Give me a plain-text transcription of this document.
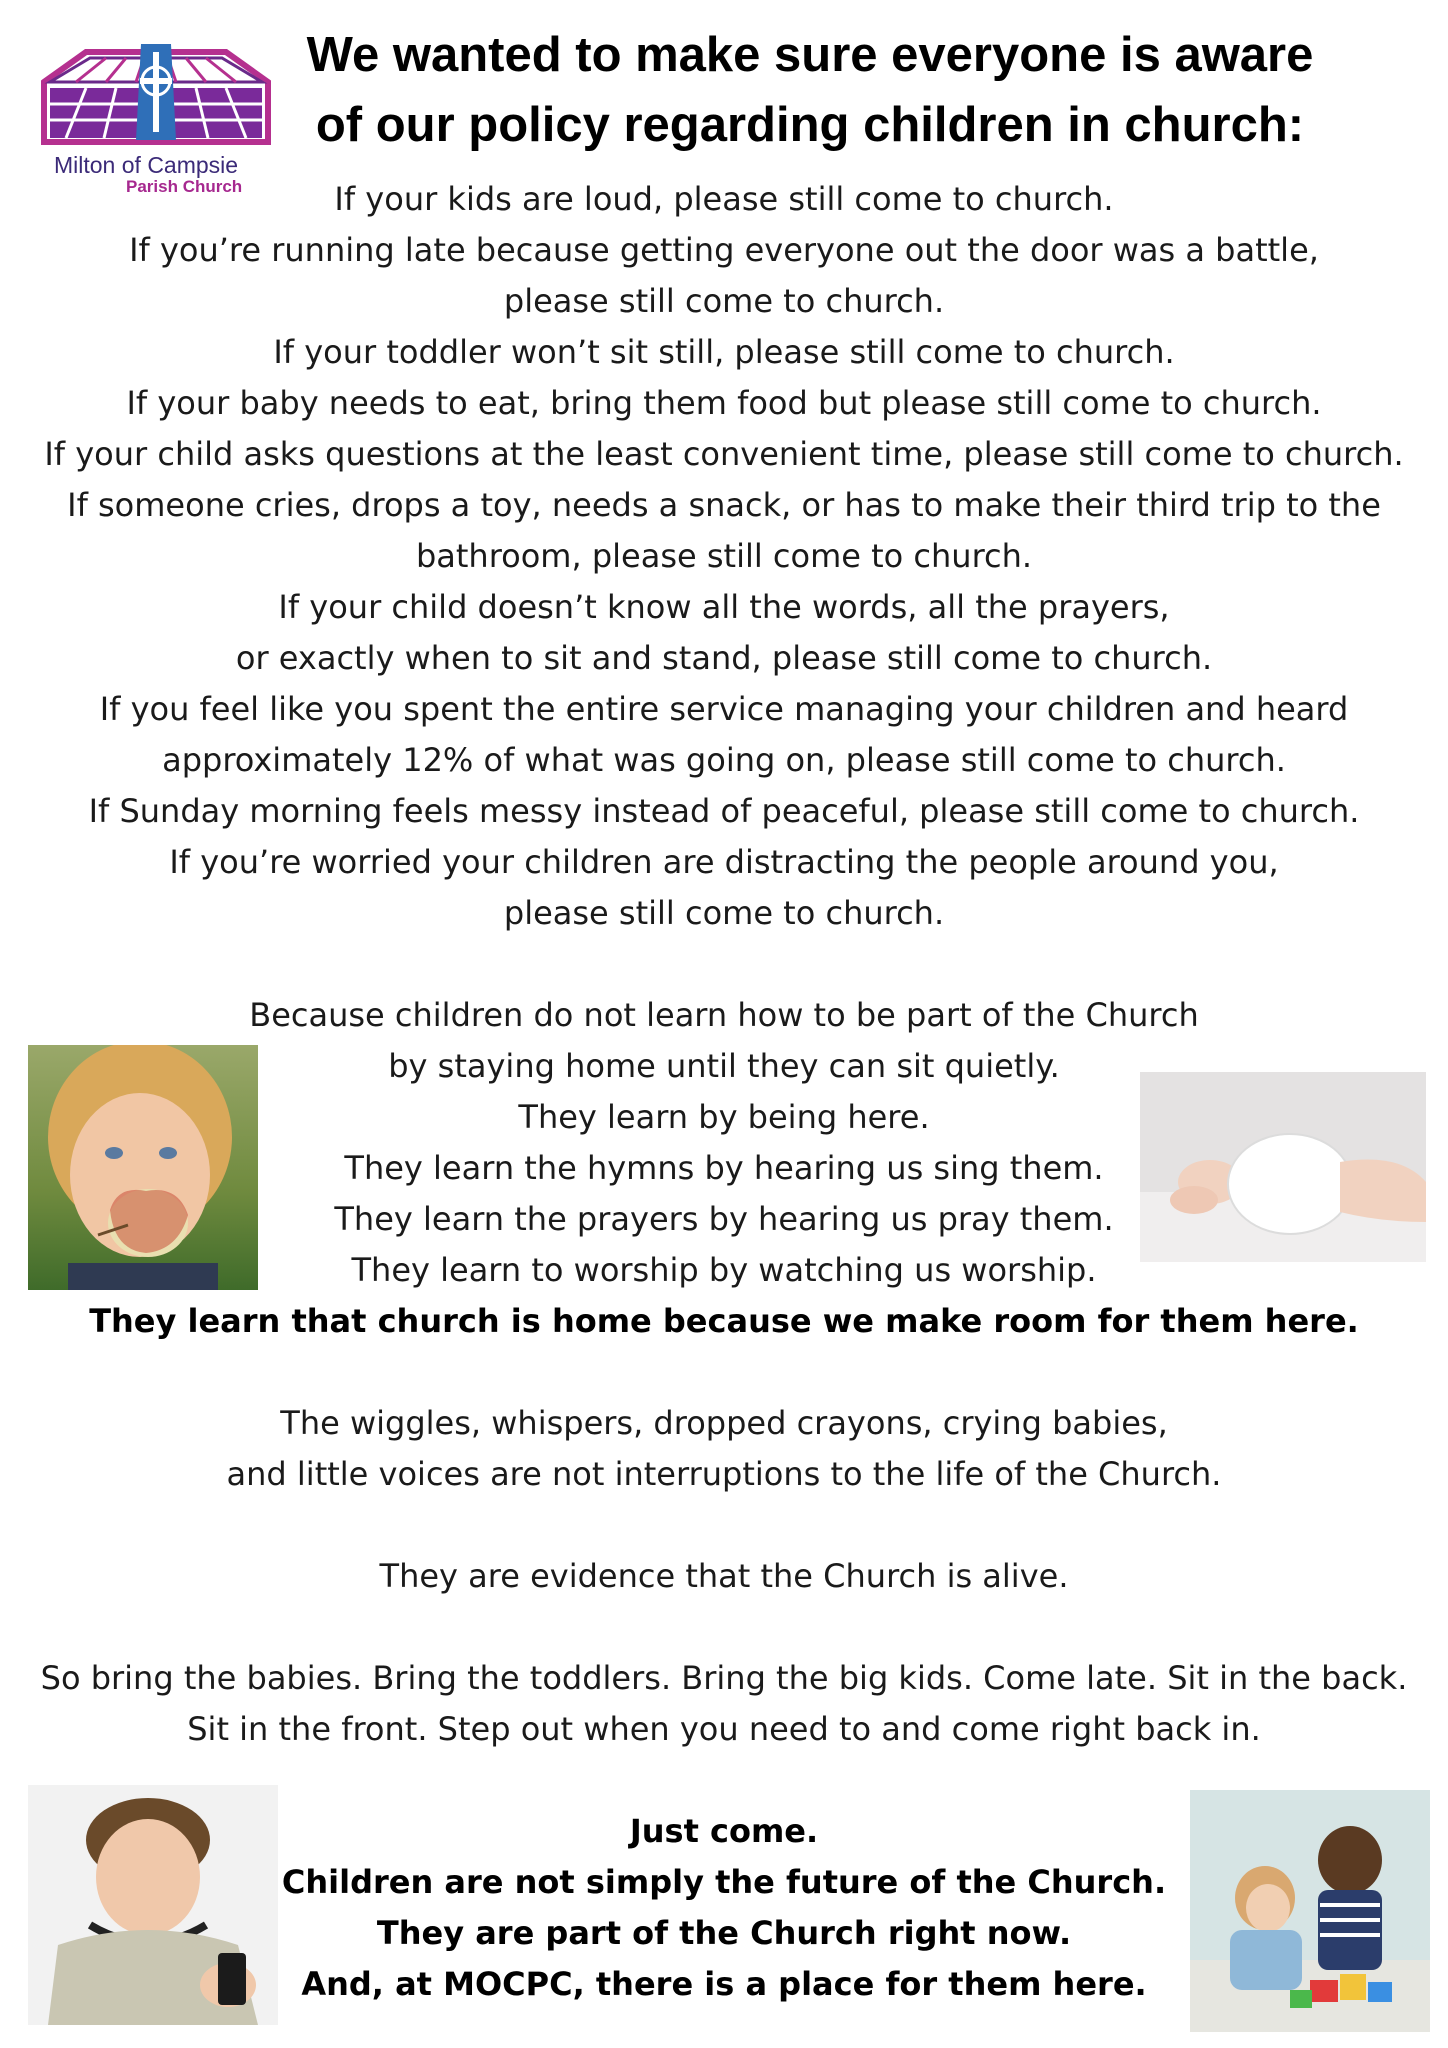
Milton of Campsie
Parish Church
We wanted to make sure everyone is aware
of our policy regarding children in church:
If your kids are loud, please still come to church.
If you’re running late because getting everyone out the door was a battle,
please still come to church.
If your toddler won’t sit still, please still come to church.
If your baby needs to eat, bring them food but please still come to church.
If your child asks questions at the least convenient time, please still come to church.
If someone cries, drops a toy, needs a snack, or has to make their third trip to the
bathroom, please still come to church.
If your child doesn’t know all the words, all the prayers,
or exactly when to sit and stand, please still come to church.
If you feel like you spent the entire service managing your children and heard
approximately 12% of what was going on, please still come to church.
If Sunday morning feels messy instead of peaceful, please still come to church.
If you’re worried your children are distracting the people around you,
please still come to church.
Because children do not learn how to be part of the Church
by staying home until they can sit quietly.
They learn by being here.
They learn the hymns by hearing us sing them.
They learn the prayers by hearing us pray them.
They learn to worship by watching us worship.
They learn that church is home because we make room for them here.
The wiggles, whispers, dropped crayons, crying babies,
and little voices are not interruptions to the life of the Church.
They are evidence that the Church is alive.
So bring the babies. Bring the toddlers. Bring the big kids. Come late. Sit in the back.
Sit in the front. Step out when you need to and come right back in.
Just come.
Children are not simply the future of the Church.
They are part of the Church right now.
And, at MOCPC, there is a place for them here.
